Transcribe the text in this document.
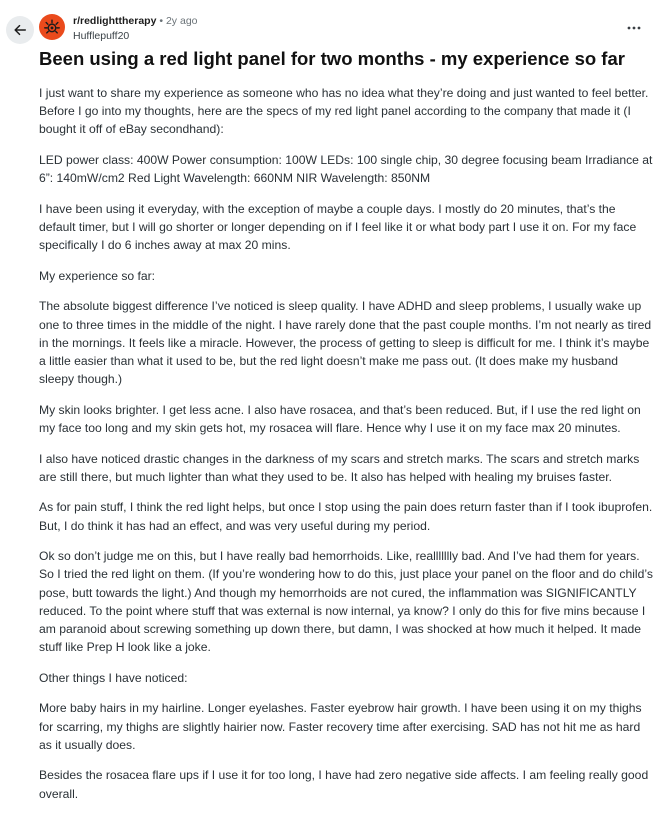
r/redlighttherapy • 2y ago
Hufflepuff20
Been using a red light panel for two months - my experience so far

I just want to share my experience as someone who has no idea what they’re doing and just wanted to feel better. Before I go into my thoughts, here are the specs of my red light panel according to the company that made it (I bought it off of eBay secondhand):

LED power class: 400W Power consumption: 100W LEDs: 100 single chip, 30 degree focusing beam Irradiance at 6”: 140mW/cm2 Red Light Wavelength: 660NM NIR Wavelength: 850NM

I have been using it everyday, with the exception of maybe a couple days. I mostly do 20 minutes, that’s the default timer, but I will go shorter or longer depending on if I feel like it or what body part I use it on. For my face specifically I do 6 inches away at max 20 mins.

My experience so far:

The absolute biggest difference I’ve noticed is sleep quality. I have ADHD and sleep problems, I usually wake up one to three times in the middle of the night. I have rarely done that the past couple months. I’m not nearly as tired in the mornings. It feels like a miracle. However, the process of getting to sleep is difficult for me. I think it’s maybe a little easier than what it used to be, but the red light doesn’t make me pass out. (It does make my husband sleepy though.)

My skin looks brighter. I get less acne. I also have rosacea, and that’s been reduced. But, if I use the red light on my face too long and my skin gets hot, my rosacea will flare. Hence why I use it on my face max 20 minutes.

I also have noticed drastic changes in the darkness of my scars and stretch marks. The scars and stretch marks are still there, but much lighter than what they used to be. It also has helped with healing my bruises faster.

As for pain stuff, I think the red light helps, but once I stop using the pain does return faster than if I took ibuprofen. But, I do think it has had an effect, and was very useful during my period.

Ok so don’t judge me on this, but I have really bad hemorrhoids. Like, reallllllly bad. And I’ve had them for years. So I tried the red light on them. (If you’re wondering how to do this, just place your panel on the floor and do child’s pose, butt towards the light.) And though my hemorrhoids are not cured, the inflammation was SIGNIFICANTLY reduced. To the point where stuff that was external is now internal, ya know? I only do this for five mins because I am paranoid about screwing something up down there, but damn, I was shocked at how much it helped. It made stuff like Prep H look like a joke.

Other things I have noticed:

More baby hairs in my hairline. Longer eyelashes. Faster eyebrow hair growth. I have been using it on my thighs for scarring, my thighs are slightly hairier now. Faster recovery time after exercising. SAD has not hit me as hard as it usually does.

Besides the rosacea flare ups if I use it for too long, I have had zero negative side affects. I am feeling really good overall.
